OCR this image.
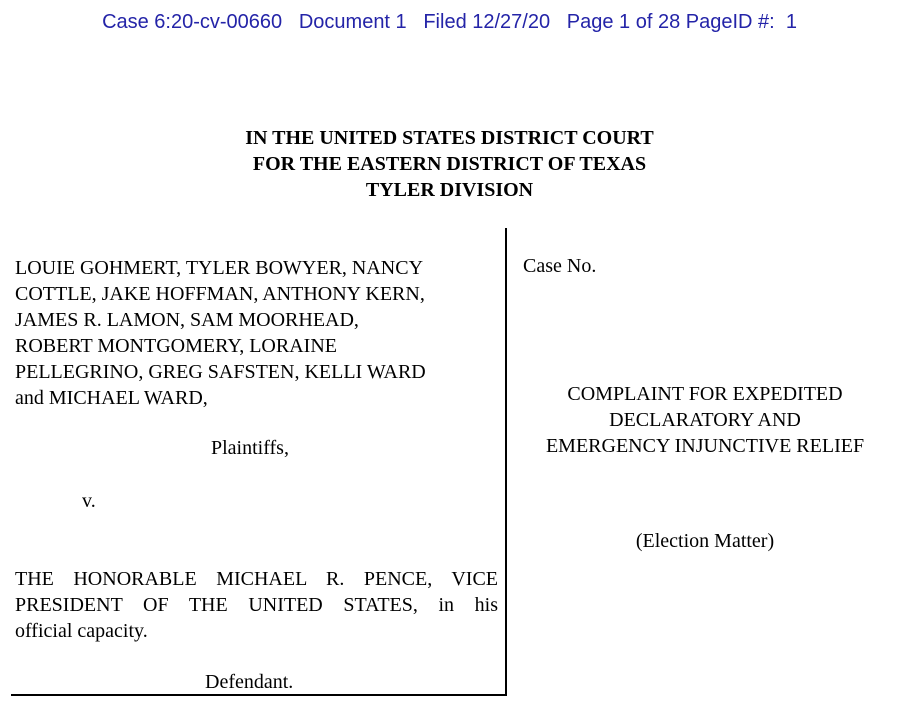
Case 6:20-cv-00660   Document 1   Filed 12/27/20   Page 1 of 28 PageID #:  1
IN THE UNITED STATES DISTRICT COURT
FOR THE EASTERN DISTRICT OF TEXAS
TYLER DIVISION
LOUIE GOHMERT, TYLER BOWYER, NANCY
COTTLE, JAKE HOFFMAN, ANTHONY KERN,
JAMES R. LAMON, SAM MOORHEAD,
ROBERT MONTGOMERY, LORAINE
PELLEGRINO, GREG SAFSTEN, KELLI WARD
and MICHAEL WARD,
Plaintiffs,
v.
THE HONORABLE MICHAEL R. PENCE, VICE
PRESIDENT OF THE UNITED STATES, in his
official capacity.
Defendant.
Case No.
COMPLAINT FOR EXPEDITED
DECLARATORY AND
EMERGENCY INJUNCTIVE RELIEF
(Election Matter)
